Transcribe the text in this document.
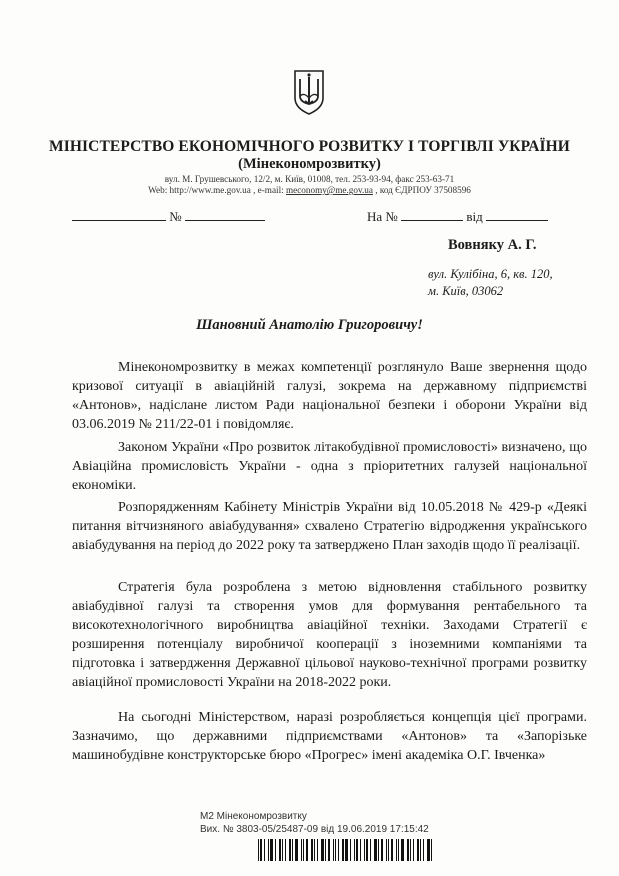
МІНІСТЕРСТВО ЕКОНОМІЧНОГО РОЗВИТКУ І ТОРГІВЛІ УКРАЇНИ
(Мінекономрозвитку)
вул. М. Грушевського, 12/2, м. Київ, 01008, тел. 253-93-94, факс 253-63-71
Web: http://www.me.gov.ua , e-mail: meconomy@me.gov.ua , код ЄДРПОУ 37508596
№	На №	від
Вовняку А. Г.
вул. Кулібіна, 6, кв. 120,
м. Київ, 03062
Шановний Анатолію Григоровичу!

Мінекономрозвитку в межах компетенції розглянуло Ваше звернення щодо кризової ситуації в авіаційній галузі, зокрема на державному підприємстві «Антонов», надіслане листом Ради національної безпеки і оборони України від 03.06.2019 № 211/22-01 і повідомляє.

Законом України «Про розвиток літакобудівної промисловості» визначено, що Авіаційна промисловість України - одна з пріоритетних галузей національної економіки.

Розпорядженням Кабінету Міністрів України від 10.05.2018 № 429-р «Деякі питання вітчизняного авіабудування» схвалено Стратегію відродження українського авіабудування на період до 2022 року та затверджено План заходів щодо її реалізації.

Стратегія була розроблена з метою відновлення стабільного розвитку авіабудівної галузі та створення умов для формування рентабельного та високотехнологічного виробництва авіаційної техніки. Заходами Стратегії є розширення потенціалу виробничої кооперації з іноземними компаніями та підготовка і затвердження Державної цільової науково-технічної програми розвитку авіаційної промисловості України на 2018-2022 роки.

На сьогодні Міністерством, наразі розробляється концепція цієї програми. Зазначимо, що державними підприємствами «Антонов» та «Запорізьке машинобудівне конструкторське бюро «Прогрес» імені академіка О.Г. Івченка»

М2 Мінекономрозвитку
Вих. № 3803-05/25487-09 від 19.06.2019 17:15:42
